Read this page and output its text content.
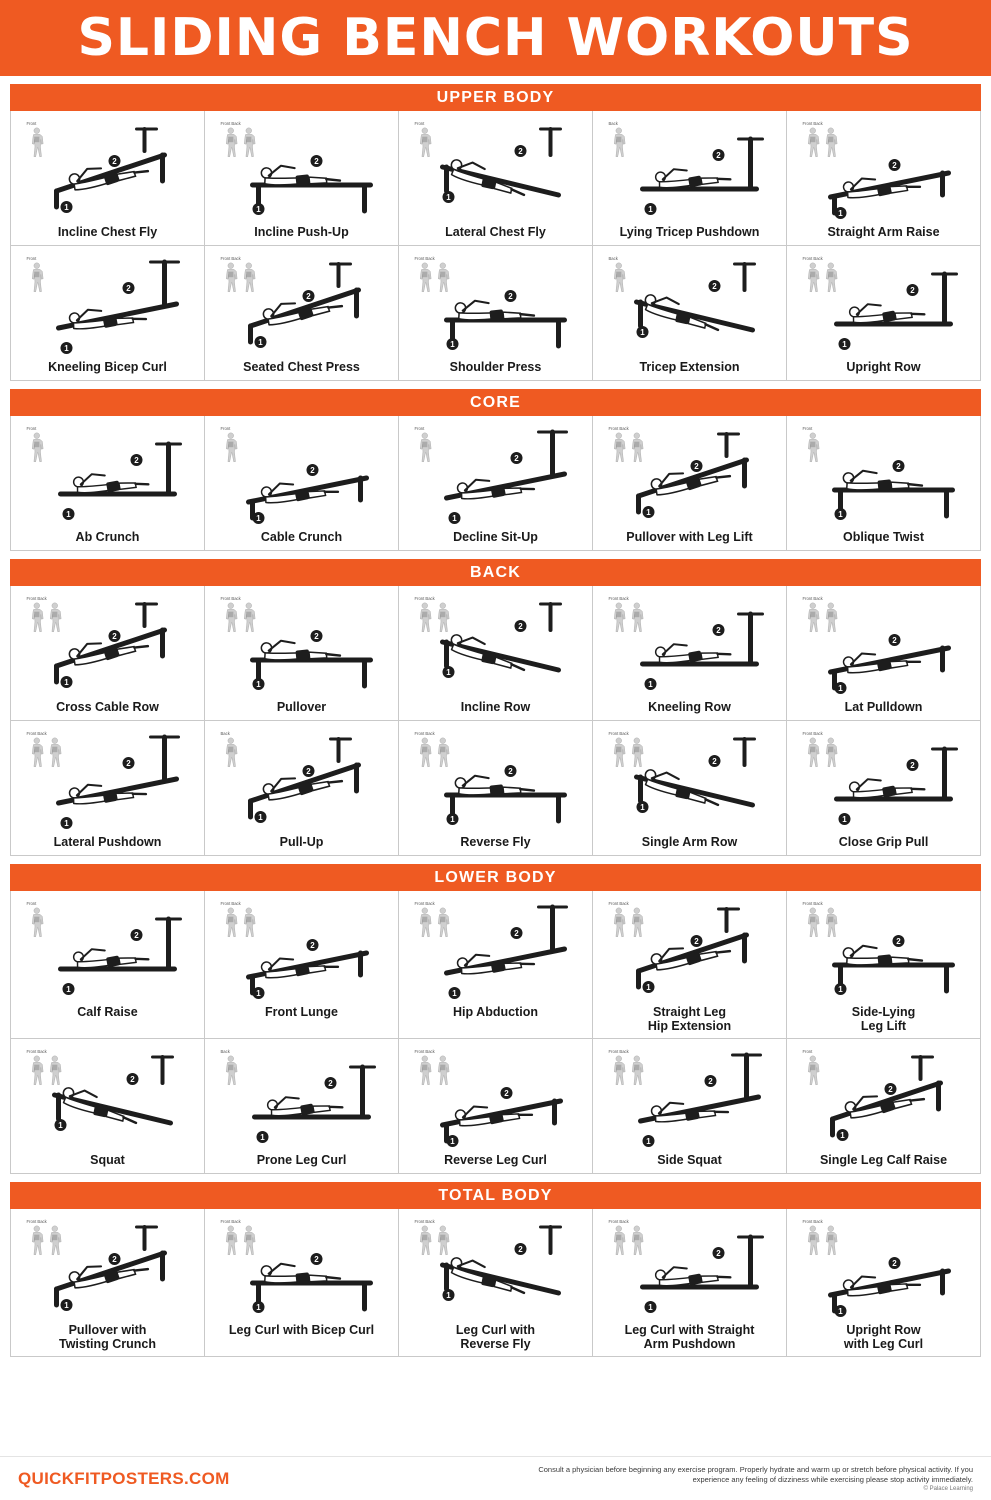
SLIDING BENCH WORKOUTS
UPPER BODY
Front
1
2
Incline Chest Fly
Front Back
1
2
Incline Push-Up
Front
1
2
Lateral Chest Fly
Back
1
2
Lying Tricep Pushdown
Front Back
1
2
Straight Arm Raise
Front
1
2
Kneeling Bicep Curl
Front Back
1
2
Seated Chest Press
Front Back
1
2
Shoulder Press
Back
1
2
Tricep Extension
Front Back
1
2
Upright Row
CORE
Front
1
2
Ab Crunch
Front
1
2
Cable Crunch
Front
1
2
Decline Sit-Up
Front Back
1
2
Pullover with Leg Lift
Front
1
2
Oblique Twist
BACK
Front Back
1
2
Cross Cable Row
Front Back
1
2
Pullover
Front Back
1
2
Incline Row
Front Back
1
2
Kneeling Row
Front Back
1
2
Lat Pulldown
Front Back
1
2
Lateral Pushdown
Back
1
2
Pull-Up
Front Back
1
2
Reverse Fly
Front Back
1
2
Single Arm Row
Front Back
1
2
Close Grip Pull
LOWER BODY
Front
1
2
Calf Raise
Front Back
1
2
Front Lunge
Front Back
1
2
Hip Abduction
Front Back
1
2
Straight Leg
Hip Extension
Front Back
1
2
Side-Lying
Leg Lift
Front Back
1
2
Squat
Back
1
2
Prone Leg Curl
Front Back
1
2
Reverse Leg Curl
Front Back
1
2
Side Squat
Front
1
2
Single Leg Calf Raise
TOTAL BODY
Front Back
1
2
Pullover with
Twisting Crunch
Front Back
1
2
Leg Curl with Bicep Curl
Front Back
1
2
Leg Curl with
Reverse Fly
Front Back
1
2
Leg Curl with Straight
Arm Pushdown
Front Back
1
2
Upright Row
with Leg Curl
QUICKFITPOSTERS.COM	Consult a physician before beginning any exercise program. Properly hydrate and warm up or stretch before physical activity. If you experience any feeling of dizziness while exercising please stop activity immediately.
© Palace Learning
